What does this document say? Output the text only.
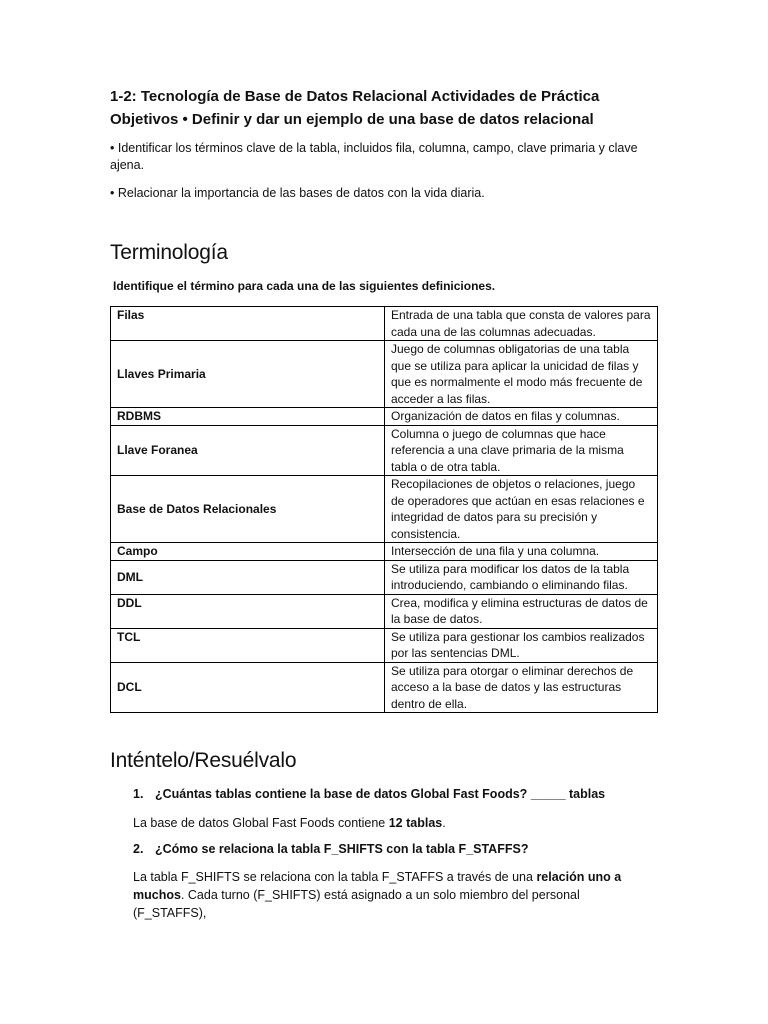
1-2: Tecnología de Base de Datos Relacional Actividades de Práctica
Objetivos • Definir y dar un ejemplo de una base de datos relacional
• Identificar los términos clave de la tabla, incluidos fila, columna, campo, clave primaria y clave ajena.
• Relacionar la importancia de las bases de datos con la vida diaria.
Terminología
Identifique el término para cada una de las siguientes definiciones.
Filas	Entrada de una tabla que consta de valores para cada una de las columnas adecuadas.
Llaves Primaria	Juego de columnas obligatorias de una tabla que se utiliza para aplicar la unicidad de filas y que es normalmente el modo más frecuente de acceder a las filas.
RDBMS	Organización de datos en filas y columnas.
Llave Foranea	Columna o juego de columnas que hace referencia a una clave primaria de la misma tabla o de otra tabla.
Base de Datos Relacionales	Recopilaciones de objetos o relaciones, juego de operadores que actúan en esas relaciones e integridad de datos para su precisión y consistencia.
Campo	Intersección de una fila y una columna.
DML	Se utiliza para modificar los datos de la tabla introduciendo, cambiando o eliminando filas.
DDL	Crea, modifica y elimina estructuras de datos de la base de datos.
TCL	Se utiliza para gestionar los cambios realizados por las sentencias DML.
DCL	Se utiliza para otorgar o eliminar derechos de acceso a la base de datos y las estructuras dentro de ella.
Inténtelo/Resuélvalo
1. ¿Cuántas tablas contiene la base de datos Global Fast Foods? _____ tablas
La base de datos Global Fast Foods contiene 12 tablas.
2. ¿Cómo se relaciona la tabla F_SHIFTS con la tabla F_STAFFS?
La tabla F_SHIFTS se relaciona con la tabla F_STAFFS a través de una relación uno a muchos. Cada turno (F_SHIFTS) está asignado a un solo miembro del personal (F_STAFFS),
